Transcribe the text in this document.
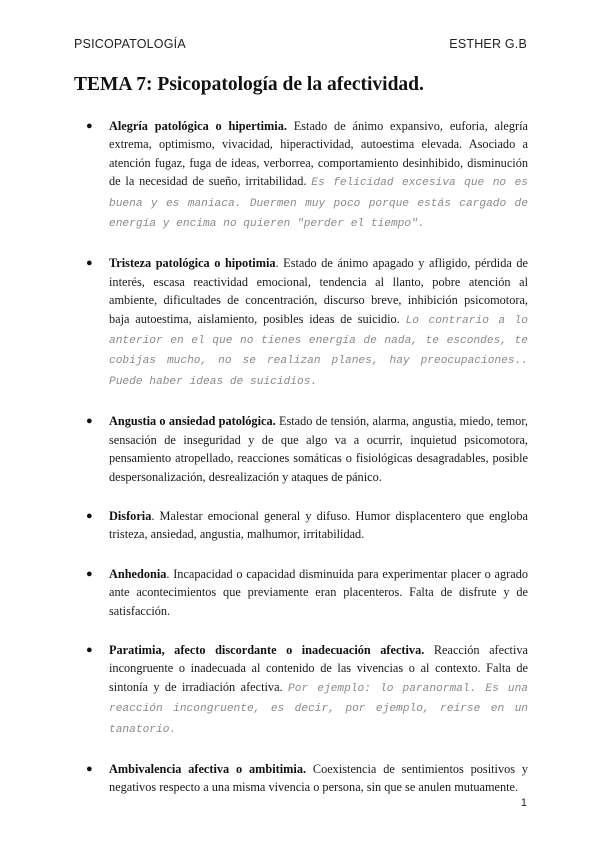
PSICOPATOLOGÍA	ESTHER G.B
TEMA 7: Psicopatología de la afectividad.
● Alegría patológica o hipertimia. Estado de ánimo expansivo, euforia, alegría extrema, optimismo, vivacidad, hiperactividad, autoestima elevada. Asociado a atención fugaz, fuga de ideas, verborrea, comportamiento desinhibido, disminución de la necesidad de sueño, irritabilidad. Es felicidad excesiva que no es buena y es maniaca. Duermen muy poco porque estás cargado de energía y encima no quieren "perder el tiempo".
● Tristeza patológica o hipotimia. Estado de ánimo apagado y afligido, pérdida de interés, escasa reactividad emocional, tendencia al llanto, pobre atención al ambiente, dificultades de concentración, discurso breve, inhibición psicomotora, baja autoestima, aislamiento, posibles ideas de suicidio. Lo contrario a lo anterior en el que no tienes energía de nada, te escondes, te cobijas mucho, no se realizan planes, hay preocupaciones.. Puede haber ideas de suicidios.
● Angustia o ansiedad patológica. Estado de tensión, alarma, angustia, miedo, temor, sensación de inseguridad y de que algo va a ocurrir, inquietud psicomotora, pensamiento atropellado, reacciones somáticas o fisiológicas desagradables, posible despersonalización, desrealización y ataques de pánico.
● Disforia. Malestar emocional general y difuso. Humor displacentero que engloba tristeza, ansiedad, angustia, malhumor, irritabilidad.
● Anhedonia. Incapacidad o capacidad disminuida para experimentar placer o agrado ante acontecimientos que previamente eran placenteros. Falta de disfrute y de satisfacción.
● Paratimia, afecto discordante o inadecuación afectiva. Reacción afectiva incongruente o inadecuada al contenido de las vivencias o al contexto. Falta de sintonía y de irradiación afectiva. Por ejemplo: lo paranormal. Es una reacción incongruente, es decir, por ejemplo, reírse en un tanatorio.
● Ambivalencia afectiva o ambitimia. Coexistencia de sentimientos positivos y negativos respecto a una misma vivencia o persona, sin que se anulen mutuamente.
1
